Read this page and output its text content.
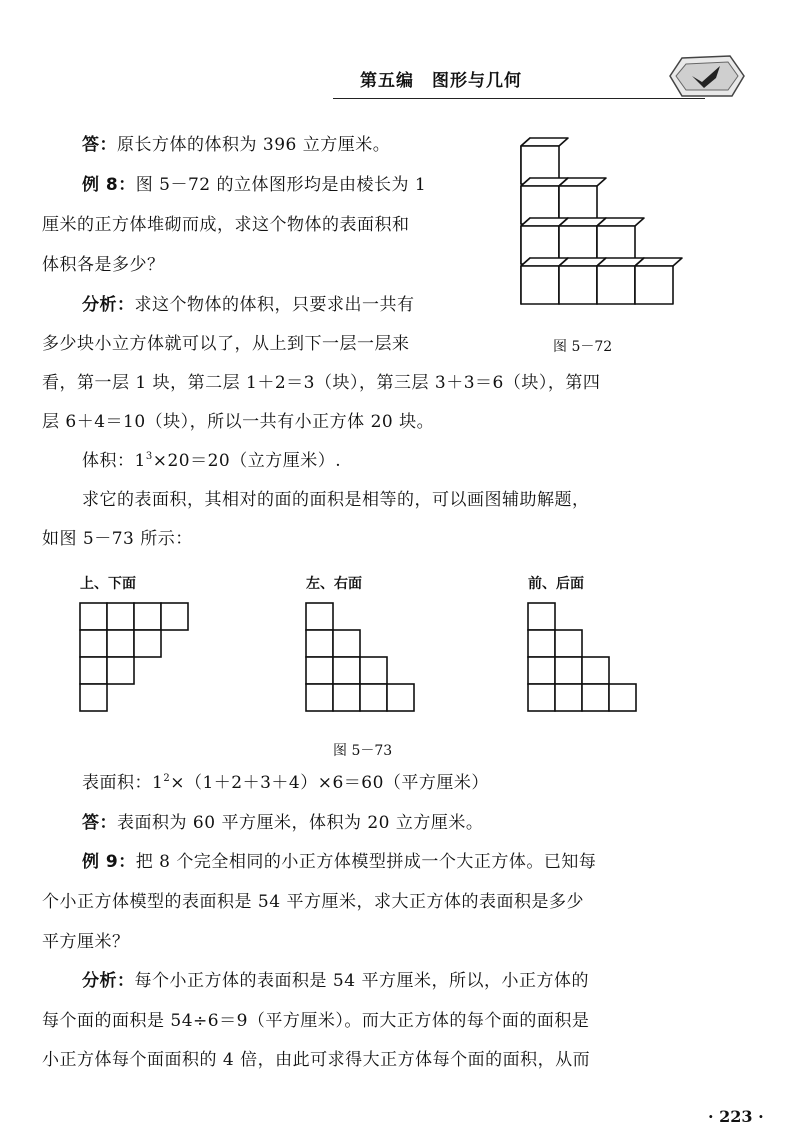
第五编　图形与几何
答：原长方体的体积为 396 立方厘米。
例 8：图 5－72 的立体图形均是由棱长为 1
厘米的正方体堆砌而成，求这个物体的表面积和
体积各是多少？
分析：求这个物体的体积，只要求出一共有
多少块小立方体就可以了，从上到下一层一层来
看，第一层 1 块，第二层 1＋2＝3（块），第三层 3＋3＝6（块），第四
层 6＋4＝10（块），所以一共有小正方体 20 块。
体积：$1^3\times 20=20$（立方厘米）.
求它的表面积，其相对的面的面积是相等的，可以画图辅助解题，
如图 5－73 所示：
图 5－72
上、下面	左、右面	前、后面
图 5－73
表面积：$1^2\times(1+2+3+4)\times 6=60$（平方厘米）
答：表面积为 60 平方厘米，体积为 20 立方厘米。
例 9：把 8 个完全相同的小正方体模型拼成一个大正方体。已知每
个小正方体模型的表面积是 54 平方厘米，求大正方体的表面积是多少
平方厘米？
分析：每个小正方体的表面积是 54 平方厘米，所以，小正方体的
每个面的面积是 54÷6＝9（平方厘米）。而大正方体的每个面的面积是
小正方体每个面面积的 4 倍，由此可求得大正方体每个面的面积，从而
· 223 ·
